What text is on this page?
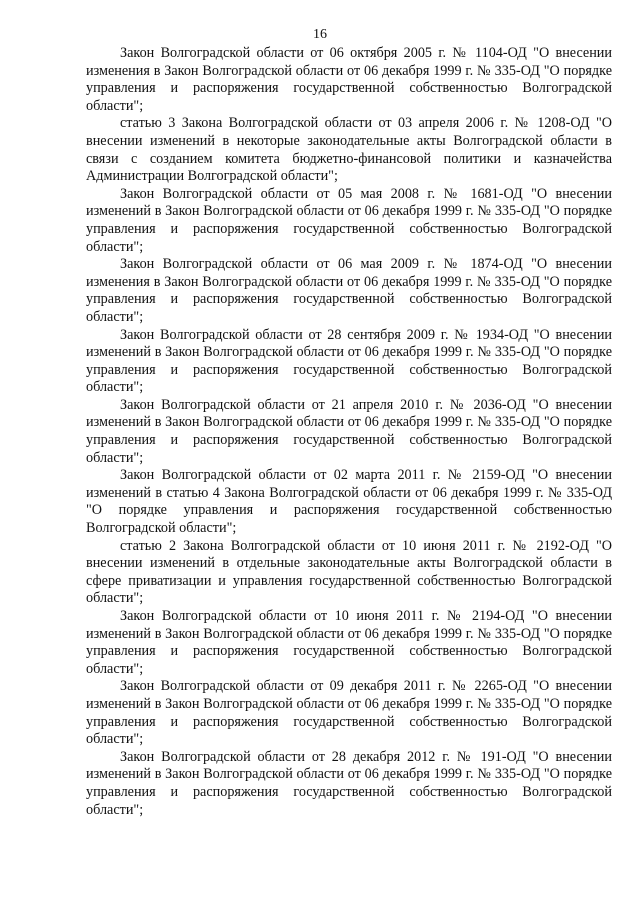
16

Закон Волгоградской области от 06 октября 2005 г. № 1104-ОД "О внесении изменения в Закон Волгоградской области от 06 декабря 1999 г. № 335-ОД "О порядке управления и распоряжения государственной собственностью Волгоградской области";

статью 3 Закона Волгоградской области от 03 апреля 2006 г. № 1208-ОД "О внесении изменений в некоторые законодательные акты Волгоградской области в связи с созданием комитета бюджетно-финансовой политики и казначейства Администрации Волгоградской области";

Закон Волгоградской области от 05 мая 2008 г. № 1681-ОД "О внесении изменений в Закон Волгоградской области от 06 декабря 1999 г. № 335-ОД "О порядке управления и распоряжения государственной собственностью Волгоградской области";

Закон Волгоградской области от 06 мая 2009 г. № 1874-ОД "О внесении изменения в Закон Волгоградской области от 06 декабря 1999 г. № 335-ОД "О порядке управления и распоряжения государственной собственностью Волгоградской области";

Закон Волгоградской области от 28 сентября 2009 г. № 1934-ОД "О внесении изменений в Закон Волгоградской области от 06 декабря 1999 г. № 335-ОД "О порядке управления и распоряжения государственной собственностью Волгоградской области";

Закон Волгоградской области от 21 апреля 2010 г. № 2036-ОД "О внесении изменений в Закон Волгоградской области от 06 декабря 1999 г. № 335-ОД "О порядке управления и распоряжения государственной собственностью Волгоградской области";

Закон Волгоградской области от 02 марта 2011 г. № 2159-ОД "О внесении изменений в статью 4 Закона Волгоградской области от 06 декабря 1999 г. № 335-ОД "О порядке управления и распоряжения государственной собственностью Волгоградской области";

статью 2 Закона Волгоградской области от 10 июня 2011 г. № 2192-ОД "О внесении изменений в отдельные законодательные акты Волгоградской области в сфере приватизации и управления государственной собственностью Волгоградской области";

Закон Волгоградской области от 10 июня 2011 г. № 2194-ОД "О внесении изменений в Закон Волгоградской области от 06 декабря 1999 г. № 335-ОД "О порядке управления и распоряжения государственной собственностью Волгоградской области";

Закон Волгоградской области от 09 декабря 2011 г. № 2265-ОД "О внесении изменений в Закон Волгоградской области от 06 декабря 1999 г. № 335-ОД "О порядке управления и распоряжения государственной собственностью Волгоградской области";

Закон Волгоградской области от 28 декабря 2012 г. № 191-ОД "О внесении изменений в Закон Волгоградской области от 06 декабря 1999 г. № 335-ОД "О порядке управления и распоряжения государственной собственностью Волгоградской области";
